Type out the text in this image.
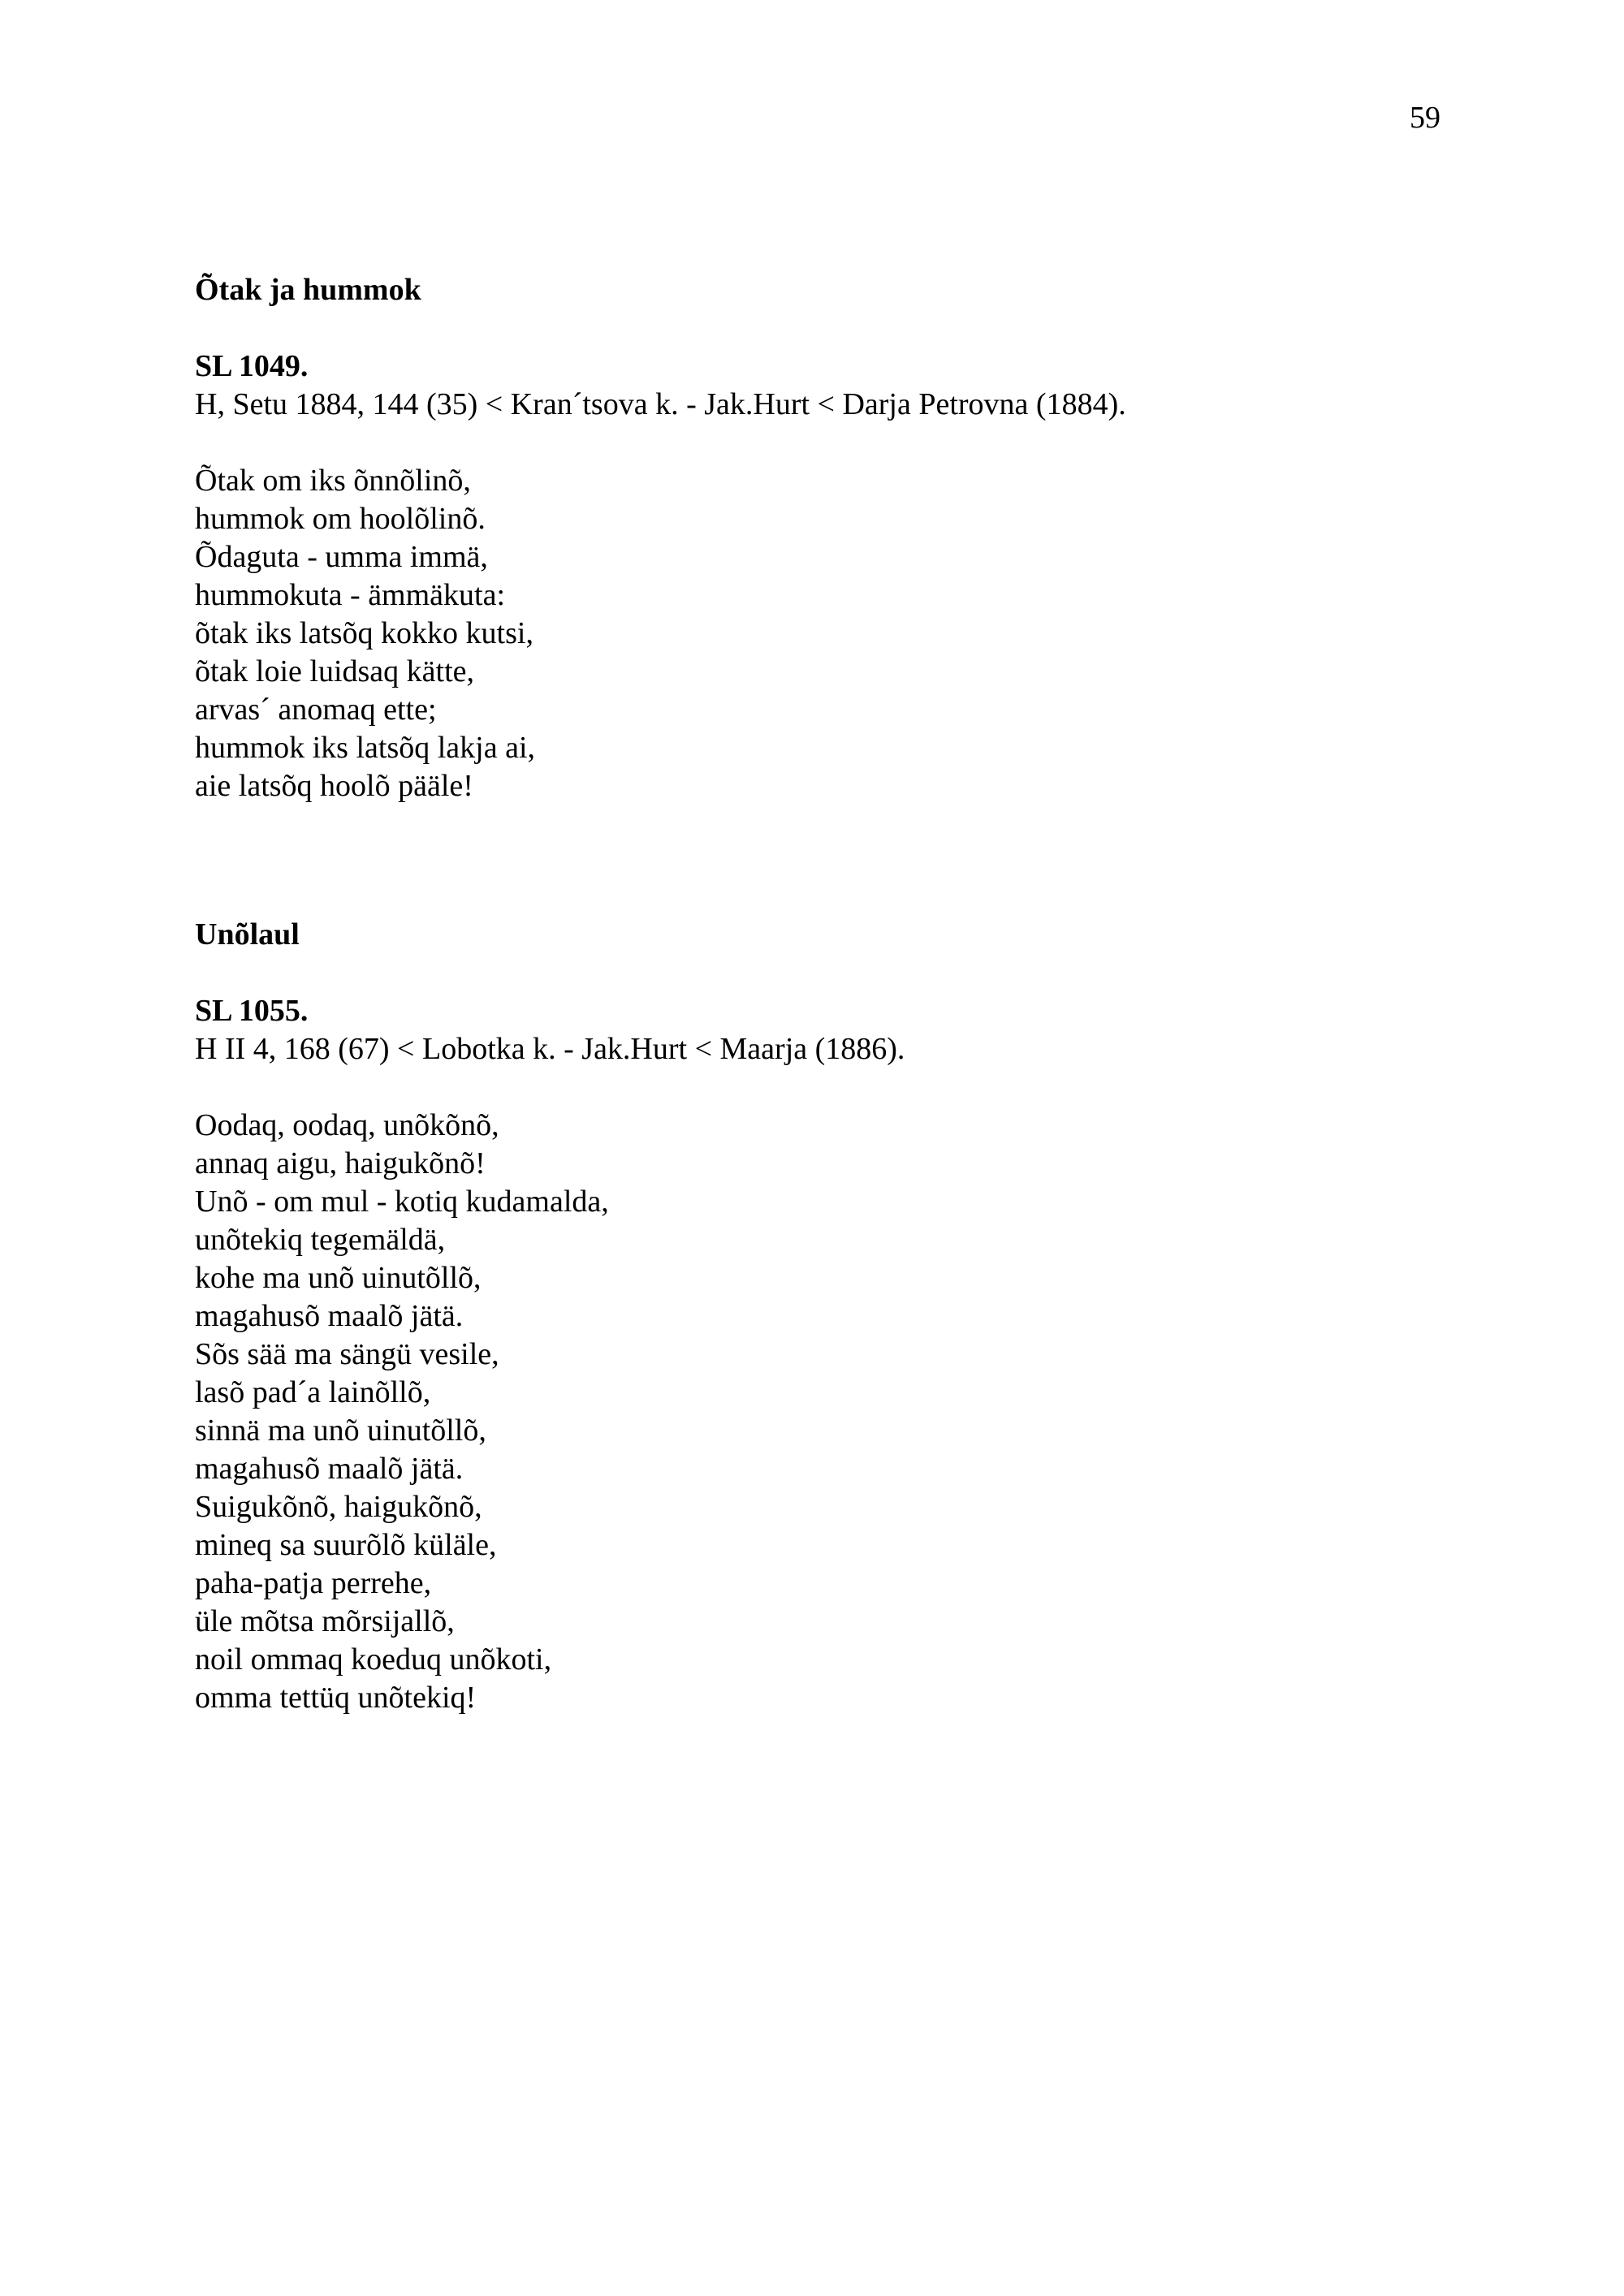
59

Õtak ja hummok

SL 1049.

H, Setu 1884, 144 (35) < Kran´tsova k. - Jak.Hurt < Darja Petrovna (1884).

Õtak om iks õnnõlinõ,
hummok om hoolõlinõ.
Õdaguta - umma immä,
hummokuta - ämmäkuta:
õtak iks latsõq kokko kutsi,
õtak loie luidsaq kätte,
arvas´ anomaq ette;
hummok iks latsõq lakja ai,
aie latsõq hoolõ pääle!

Unõlaul

SL 1055.

H II 4, 168 (67) < Lobotka k. - Jak.Hurt < Maarja (1886).

Oodaq, oodaq, unõkõnõ,
annaq aigu, haigukõnõ!
Unõ - om mul - kotiq kudamalda,
unõtekiq tegemäldä,
kohe ma unõ uinutõllõ,
magahusõ maalõ jätä.
Sõs sää ma sängü vesile,
lasõ pad´a lainõllõ,
sinnä ma unõ uinutõllõ,
magahusõ maalõ jätä.
Suigukõnõ, haigukõnõ,
mineq sa suurõlõ küläle,
paha-patja perrehe,
üle mõtsa mõrsijallõ,
noil ommaq koeduq unõkoti,
omma tettüq unõtekiq!
